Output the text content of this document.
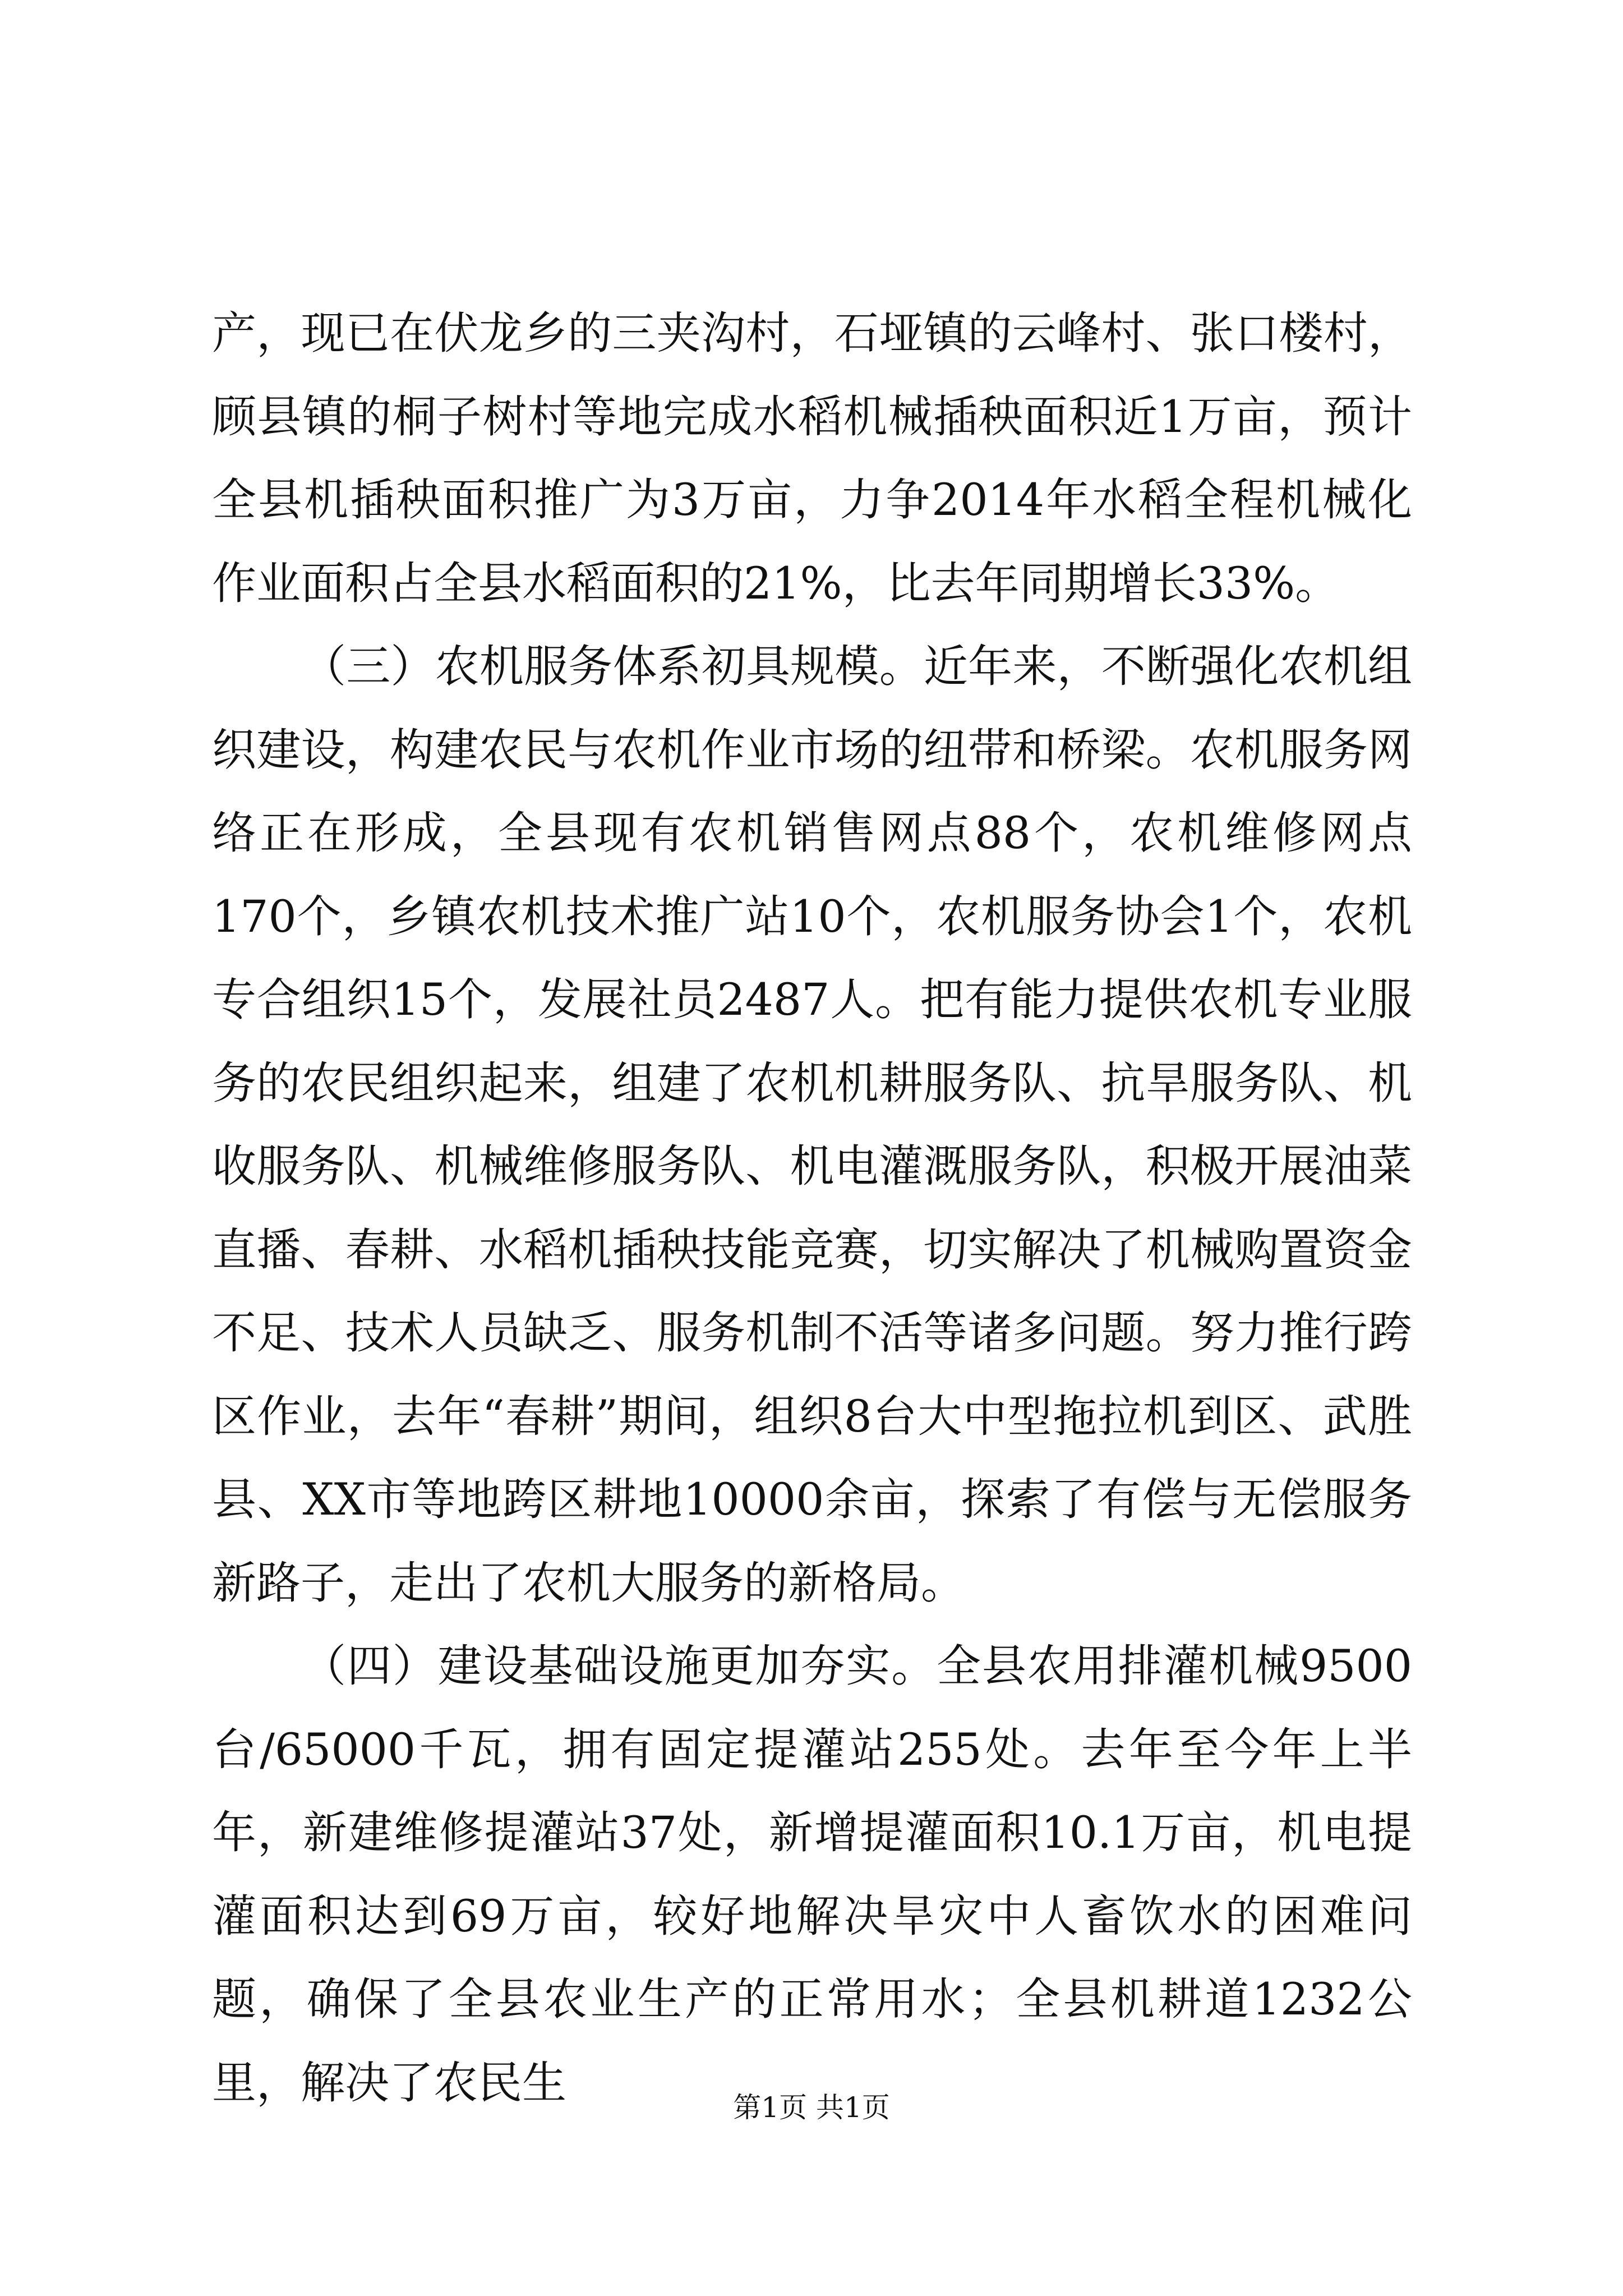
产，现已在伏龙乡的三夹沟村，石垭镇的云峰村、张口楼村，顾县镇的桐子树村等地完成水稻机械插秧面积近1万亩，预计全县机插秧面积推广为3万亩，力争2014年水稻全程机械化作业面积占全县水稻面积的21%，比去年同期增长33%。

（三）农机服务体系初具规模。近年来，不断强化农机组织建设，构建农民与农机作业市场的纽带和桥梁。农机服务网络正在形成，全县现有农机销售网点88个，农机维修网点170个，乡镇农机技术推广站10个，农机服务协会1个，农机专合组织15个，发展社员2487人。把有能力提供农机专业服务的农民组织起来，组建了农机机耕服务队、抗旱服务队、机收服务队、机械维修服务队、机电灌溉服务队，积极开展油菜直播、春耕、水稻机插秧技能竞赛，切实解决了机械购置资金不足、技术人员缺乏、服务机制不活等诸多问题。努力推行跨区作业，去年“春耕”期间，组织8台大中型拖拉机到区、武胜县、XX市等地跨区耕地10000余亩，探索了有偿与无偿服务新路子，走出了农机大服务的新格局。

（四）建设基础设施更加夯实。全县农用排灌机械9500台/65000千瓦，拥有固定提灌站255处。去年至今年上半年，新建维修提灌站37处，新增提灌面积10.1万亩，机电提灌面积达到69万亩，较好地解决旱灾中人畜饮水的困难问题，确保了全县农业生产的正常用水；全县机耕道1232公里，解决了农民生	第1页 共1页
